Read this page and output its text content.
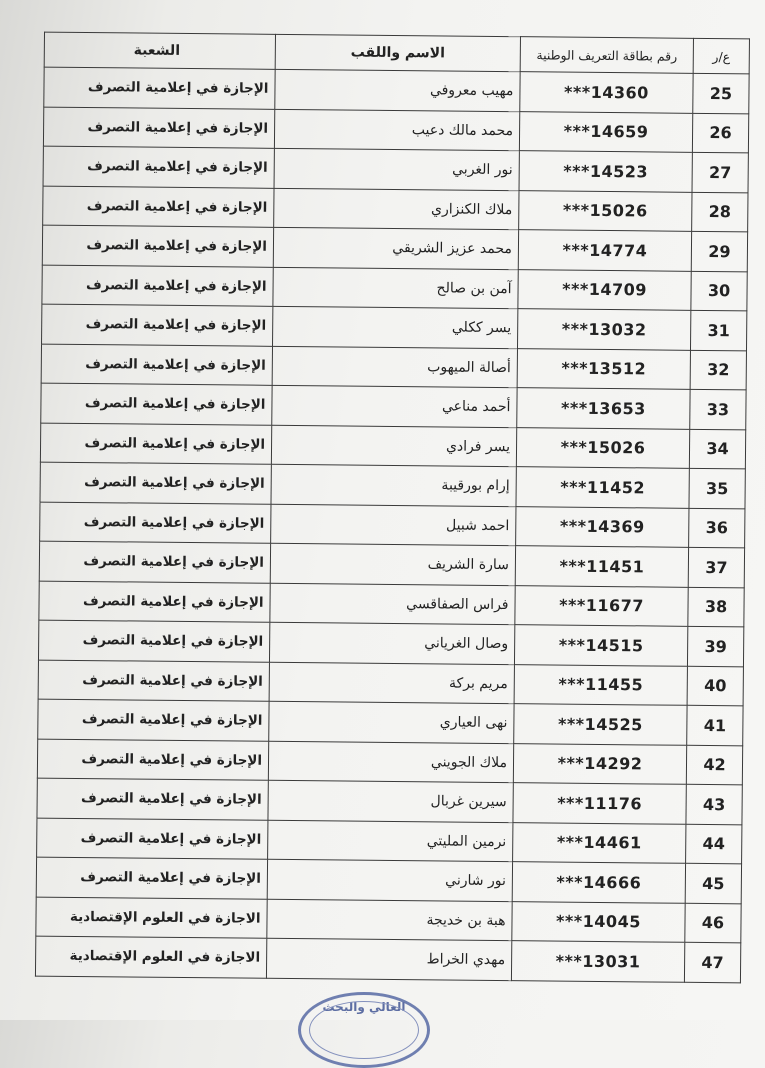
ع/ر	رقم بطاقة التعريف الوطنية	الاسم واللقب	الشعبة
25	14360***	مهيب معروفي	الإجازة في إعلامية التصرف
26	14659***	محمد مالك دعيب	الإجازة في إعلامية التصرف
27	14523***	نور الغربي	الإجازة في إعلامية التصرف
28	15026***	ملاك الكنزاري	الإجازة في إعلامية التصرف
29	14774***	محمد عزيز الشريقي	الإجازة في إعلامية التصرف
30	14709***	آمن بن صالح	الإجازة في إعلامية التصرف
31	13032***	يسر ككلي	الإجازة في إعلامية التصرف
32	13512***	أصالة الميهوب	الإجازة في إعلامية التصرف
33	13653***	أحمد مناعي	الإجازة في إعلامية التصرف
34	15026***	يسر فرادي	الإجازة في إعلامية التصرف
35	11452***	إرام بورقيبة	الإجازة في إعلامية التصرف
36	14369***	احمد شبيل	الإجازة في إعلامية التصرف
37	11451***	سارة الشريف	الإجازة في إعلامية التصرف
38	11677***	فراس الصفاقسي	الإجازة في إعلامية التصرف
39	14515***	وصال الغرياني	الإجازة في إعلامية التصرف
40	11455***	مريم بركة	الإجازة في إعلامية التصرف
41	14525***	نهى العياري	الإجازة في إعلامية التصرف
42	14292***	ملاك الجويني	الإجازة في إعلامية التصرف
43	11176***	سيرين غربال	الإجازة في إعلامية التصرف
44	14461***	نرمين المليتي	الإجازة في إعلامية التصرف
45	14666***	نور شارني	الإجازة في إعلامية التصرف
46	14045***	هبة بن خديجة	الاجازة في العلوم الإقتصادية
47	13031***	مهدي الخراط	الاجازة في العلوم الإقتصادية
العالي والبحث
